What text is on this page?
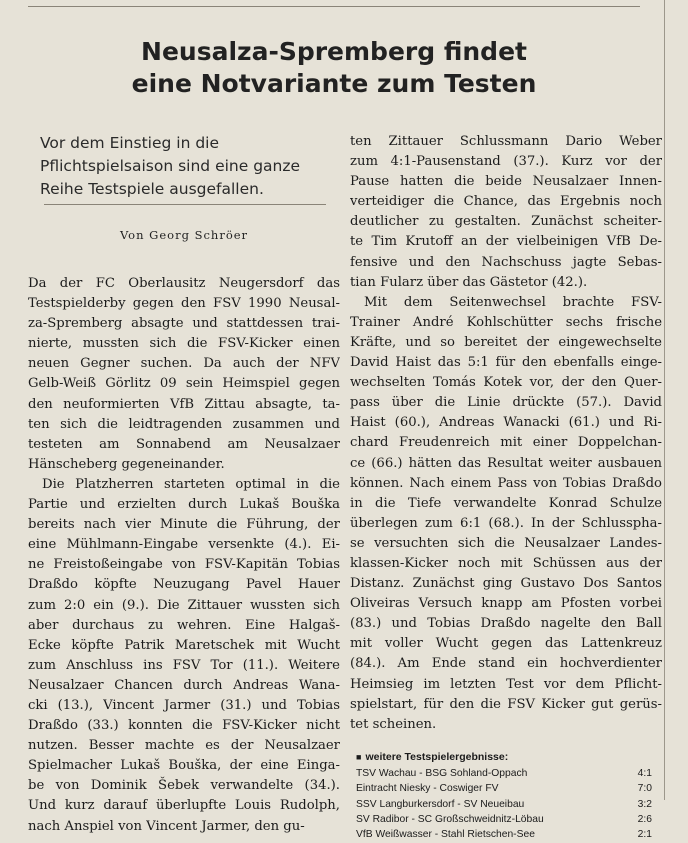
Neusalza-Spremberg findet
eine Notvariante zum Testen
Vor dem Einstieg in die
Pflichtspielsaison sind eine ganze
Reihe Testspiele ausgefallen.
Von Georg Schröer
Da der FC Oberlausitz Neugersdorf das
Testspielderby gegen den FSV 1990 Neusal-
za-Spremberg absagte und stattdessen trai-
nierte, mussten sich die FSV-Kicker einen
neuen Gegner suchen. Da auch der NFV
Gelb-Weiß Görlitz 09 sein Heimspiel gegen
den neuformierten VfB Zittau absagte, ta-
ten sich die leidtragenden zusammen und
testeten am Sonnabend am Neusalzaer
Hänscheberg gegeneinander.
Die Platzherren starteten optimal in die
Partie und erzielten durch Lukaš Bouška
bereits nach vier Minute die Führung, der
eine Mühlmann-Eingabe versenkte (4.). Ei-
ne Freistoßeingabe von FSV-Kapitän Tobias
Draßdo köpfte Neuzugang Pavel Hauer
zum 2:0 ein (9.). Die Zittauer wussten sich
aber durchaus zu wehren. Eine Halgaš-
Ecke köpfte Patrik Maretschek mit Wucht
zum Anschluss ins FSV Tor (11.). Weitere
Neusalzaer Chancen durch Andreas Wana-
cki (13.), Vincent Jarmer (31.) und Tobias
Draßdo (33.) konnten die FSV-Kicker nicht
nutzen. Besser machte es der Neusalzaer
Spielmacher Lukaš Bouška, der eine Einga-
be von Dominik Šebek verwandelte (34.).
Und kurz darauf überlupfte Louis Rudolph,
nach Anspiel von Vincent Jarmer, den gu-
ten Zittauer Schlussmann Dario Weber
zum 4:1-Pausenstand (37.). Kurz vor der
Pause hatten die beide Neusalzaer Innen-
verteidiger die Chance, das Ergebnis noch
deutlicher zu gestalten. Zunächst scheiter-
te Tim Krutoff an der vielbeinigen VfB De-
fensive und den Nachschuss jagte Sebas-
tian Fularz über das Gästetor (42.).
Mit dem Seitenwechsel brachte FSV-
Trainer André Kohlschütter sechs frische
Kräfte, und so bereitet der eingewechselte
David Haist das 5:1 für den ebenfalls einge-
wechselten Tomás Kotek vor, der den Quer-
pass über die Linie drückte (57.). David
Haist (60.), Andreas Wanacki (61.) und Ri-
chard Freudenreich mit einer Doppelchan-
ce (66.) hätten das Resultat weiter ausbauen
können. Nach einem Pass von Tobias Draßdo
in die Tiefe verwandelte Konrad Schulze
überlegen zum 6:1 (68.). In der Schlusspha-
se versuchten sich die Neusalzaer Landes-
klassen-Kicker noch mit Schüssen aus der
Distanz. Zunächst ging Gustavo Dos Santos
Oliveiras Versuch knapp am Pfosten vorbei
(83.) und Tobias Draßdo nagelte den Ball
mit voller Wucht gegen das Lattenkreuz
(84.). Am Ende stand ein hochverdienter
Heimsieg im letzten Test vor dem Pflicht-
spielstart, für den die FSV Kicker gut gerüs-
tet scheinen.
■ weitere Testspielergebnisse:
TSV Wachau - BSG Sohland-Oppach	4:1
Eintracht Niesky - Coswiger FV	7:0
SSV Langburkersdorf - SV Neueibau	3:2
SV Radibor - SC Großschweidnitz-Löbau	2:6
VfB Weißwasser - Stahl Rietschen-See	2:1
